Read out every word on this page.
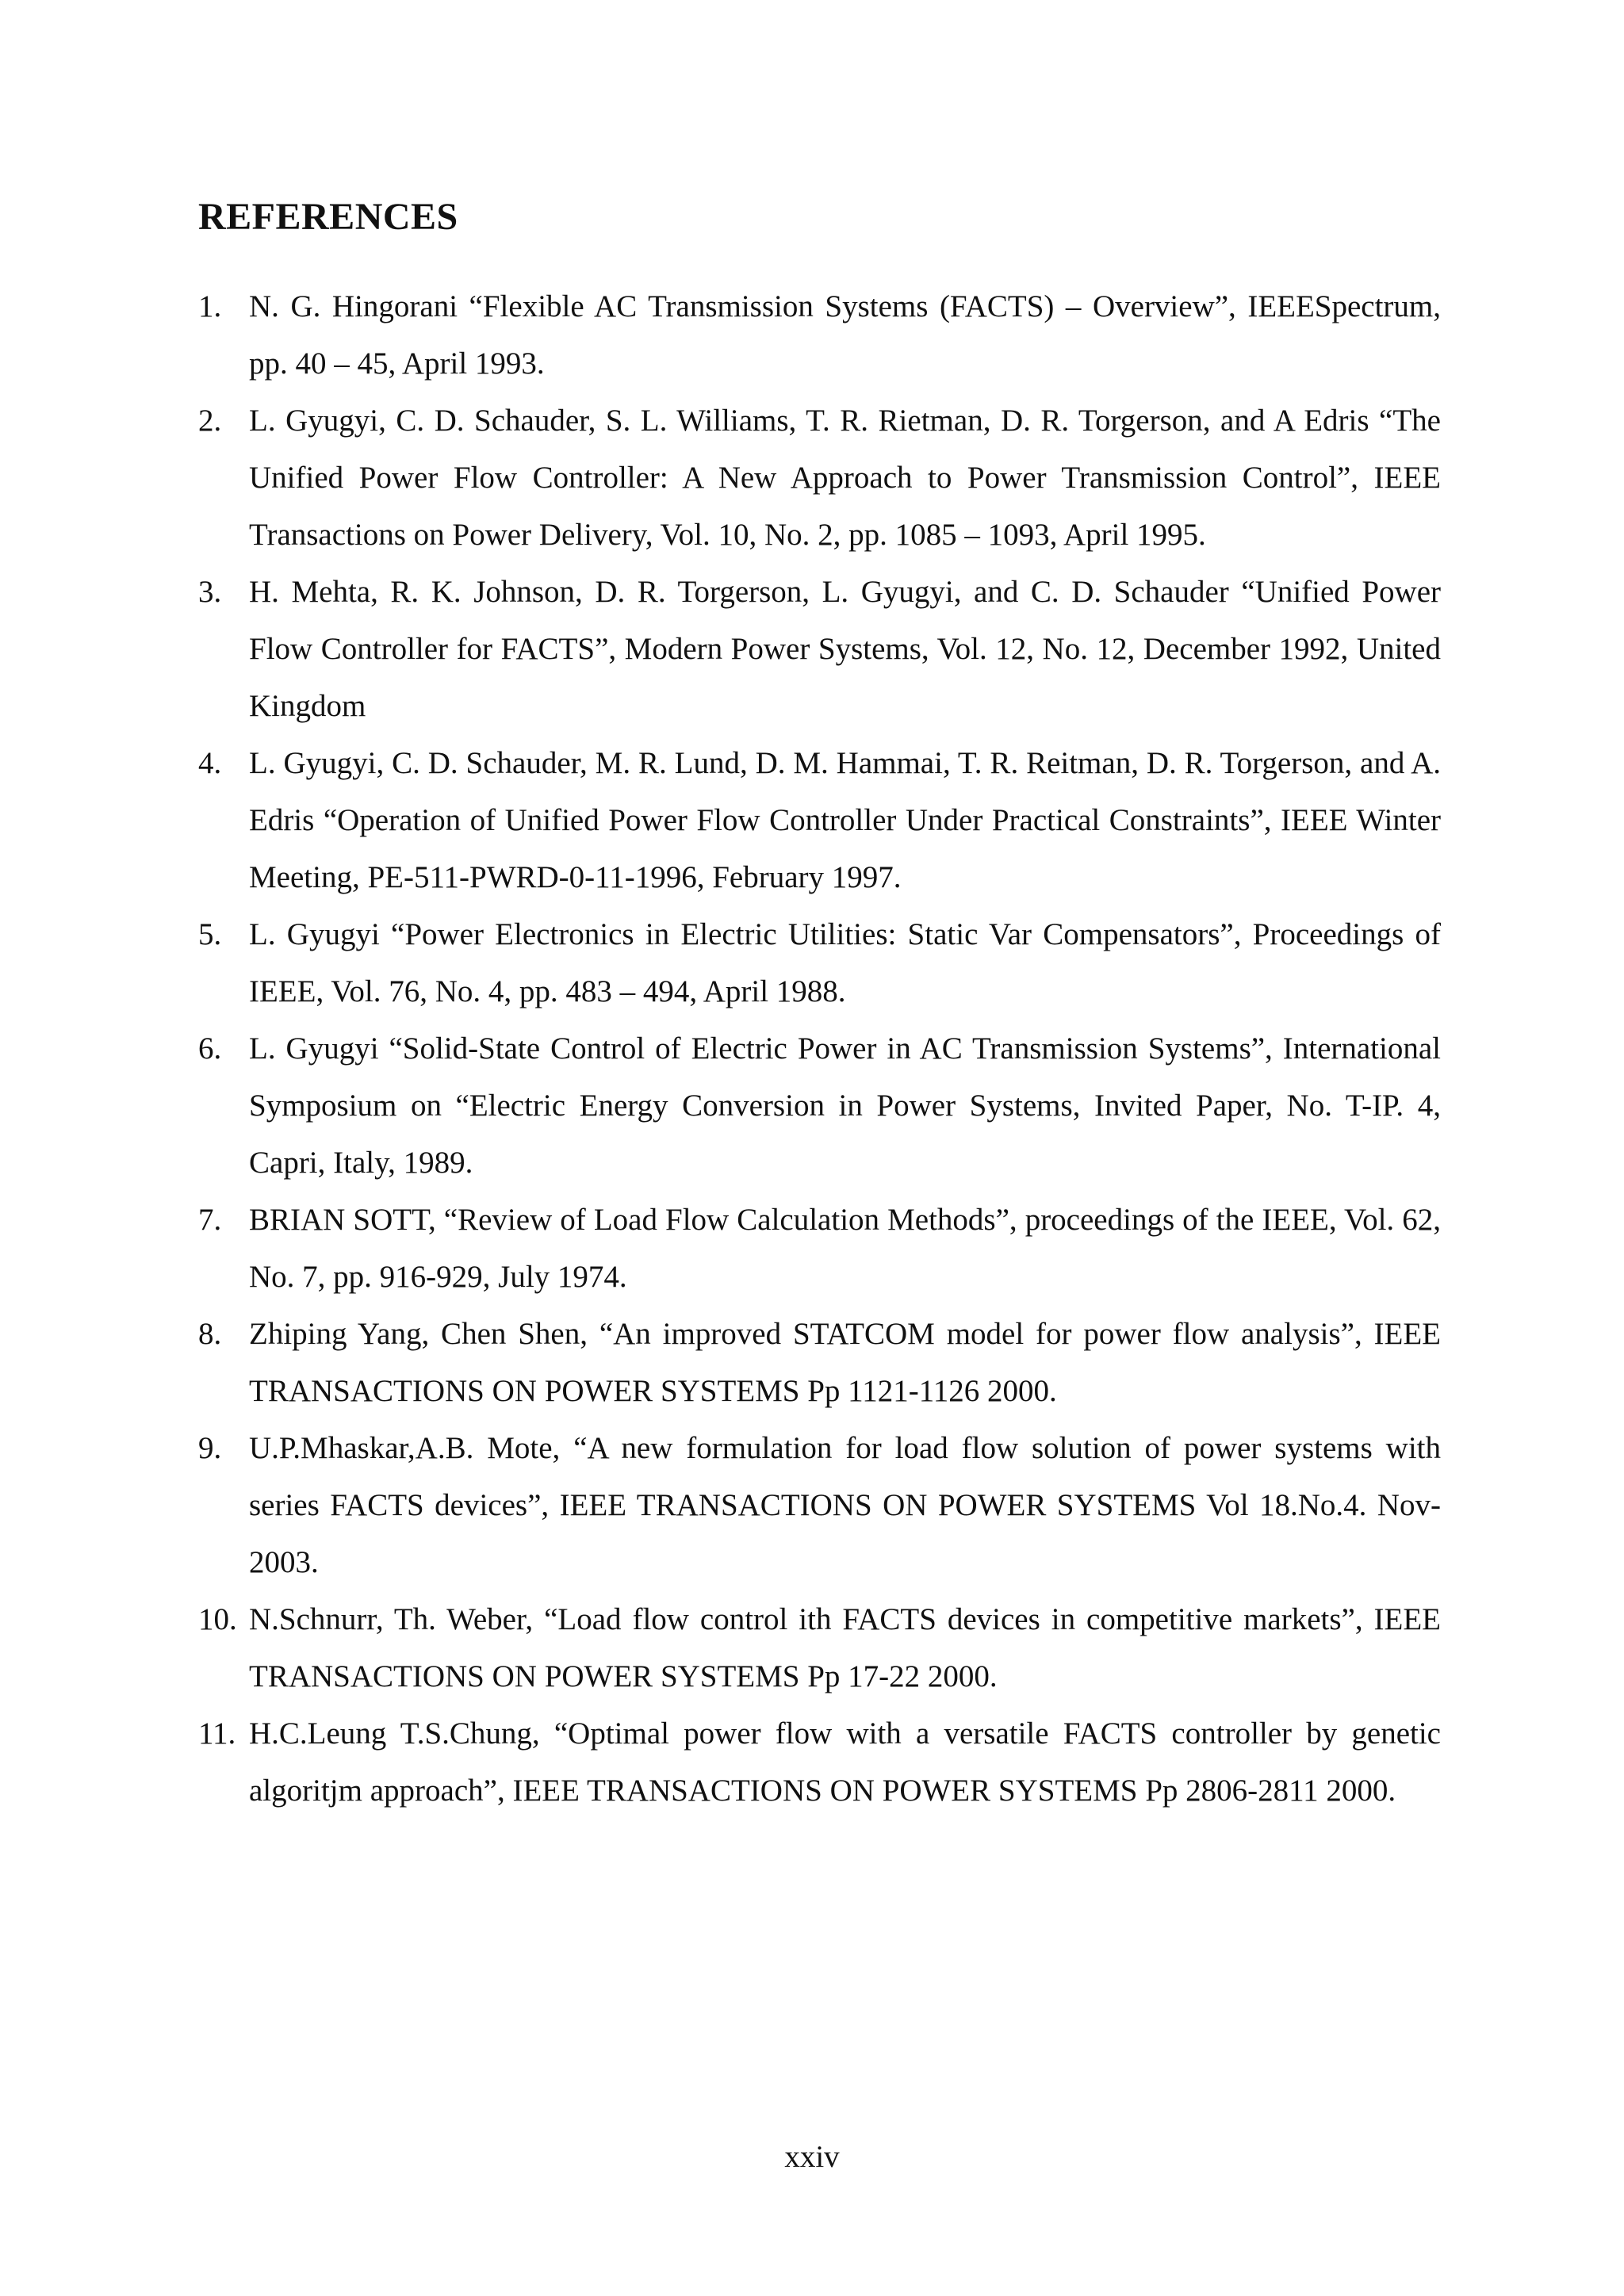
REFERENCES
1. N. G. Hingorani “Flexible AC Transmission Systems (FACTS) – Overview”, IEEESpectrum, pp. 40 – 45, April 1993.
2. L. Gyugyi, C. D. Schauder, S. L. Williams, T. R. Rietman, D. R. Torgerson, and A Edris “The Unified Power Flow Controller: A New Approach to Power Transmission Control”, IEEE Transactions on Power Delivery, Vol. 10, No. 2, pp. 1085 – 1093, April 1995.
3. H. Mehta, R. K. Johnson, D. R. Torgerson, L. Gyugyi, and C. D. Schauder “Unified Power Flow Controller for FACTS”, Modern Power Systems, Vol. 12, No. 12, December 1992, United Kingdom
4. L. Gyugyi, C. D. Schauder, M. R. Lund, D. M. Hammai, T. R. Reitman, D. R. Torgerson, and A. Edris “Operation of Unified Power Flow Controller Under Practical Constraints”, IEEE Winter Meeting, PE-511-PWRD-0-11-1996, February 1997.
5. L. Gyugyi “Power Electronics in Electric Utilities: Static Var Compensators”, Proceedings of IEEE, Vol. 76, No. 4, pp. 483 – 494, April 1988.
6. L. Gyugyi “Solid-State Control of Electric Power in AC Transmission Systems”, International Symposium on “Electric Energy Conversion in Power Systems, Invited Paper, No. T-IP. 4, Capri, Italy, 1989.
7. BRIAN SOTT, “Review of Load Flow Calculation Methods”, proceedings of the IEEE, Vol. 62, No. 7, pp. 916-929, July 1974.
8. Zhiping Yang, Chen Shen, “An improved STATCOM model for power flow analysis”, IEEE TRANSACTIONS ON POWER SYSTEMS Pp 1121-1126 2000.
9. U.P.Mhaskar,A.B. Mote, “A new formulation for load flow solution of power systems with series FACTS devices”, IEEE TRANSACTIONS ON POWER SYSTEMS Vol 18.No.4. Nov-2003.
10. N.Schnurr, Th. Weber, “Load flow control ith FACTS devices in competitive markets”, IEEE TRANSACTIONS ON POWER SYSTEMS Pp 17-22 2000.
11. H.C.Leung T.S.Chung, “Optimal power flow with a versatile FACTS controller by genetic algoritjm approach”, IEEE TRANSACTIONS ON POWER SYSTEMS Pp 2806-2811 2000.
xxiv
